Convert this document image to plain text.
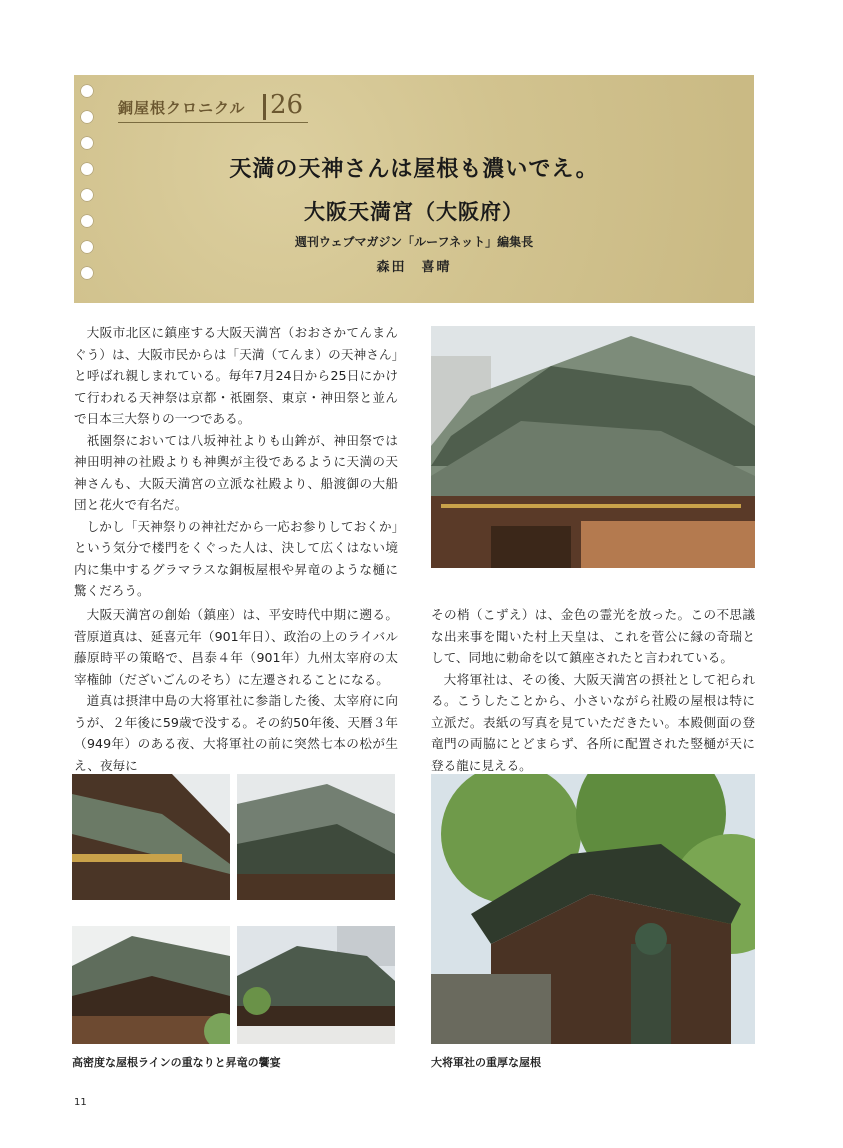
銅屋根クロニクル 26
天満の天神さんは屋根も濃いでえ。
大阪天満宮（大阪府）
週刊ウェブマガジン「ルーフネット」編集長
森田　喜晴

大阪市北区に鎮座する大阪天満宮（おおさかてんまんぐう）は、大阪市民からは「天満（てんま）の天神さん」と呼ばれ親しまれている。毎年7月24日から25日にかけて行われる天神祭は京都・祇園祭、東京・神田祭と並んで日本三大祭りの一つである。

祇園祭においては八坂神社よりも山鉾が、神田祭では神田明神の社殿よりも神輿が主役であるように天満の天神さんも、大阪天満宮の立派な社殿より、船渡御の大船団と花火で有名だ。

しかし「天神祭りの神社だから一応お参りしておくか」という気分で楼門をくぐった人は、決して広くはない境内に集中するグラマラスな銅板屋根や昇竜のような樋に驚くだろう。

大阪天満宮の創始（鎮座）は、平安時代中期に遡る。菅原道真は、延喜元年（901年日）、政治の上のライバル藤原時平の策略で、昌泰４年（901年）九州太宰府の太宰権帥（だざいごんのそち）に左遷されることになる。

道真は摂津中島の大将軍社に参詣した後、太宰府に向うが、２年後に59歳で没する。その約50年後、天暦３年（949年）のある夜、大将軍社の前に突然七本の松が生え、夜毎に

その梢（こずえ）は、金色の霊光を放った。この不思議な出来事を聞いた村上天皇は、これを菅公に縁の奇瑞として、同地に勅命を以て鎮座されたと言われている。

大将軍社は、その後、大阪天満宮の摂社として祀られる。こうしたことから、小さいながら社殿の屋根は特に立派だ。表紙の写真を見ていただきたい。本殿側面の登竜門の両脇にとどまらず、各所に配置された竪樋が天に登る龍に見える。

高密度な屋根ラインの重なりと昇竜の饗宴	大将軍社の重厚な屋根
11
